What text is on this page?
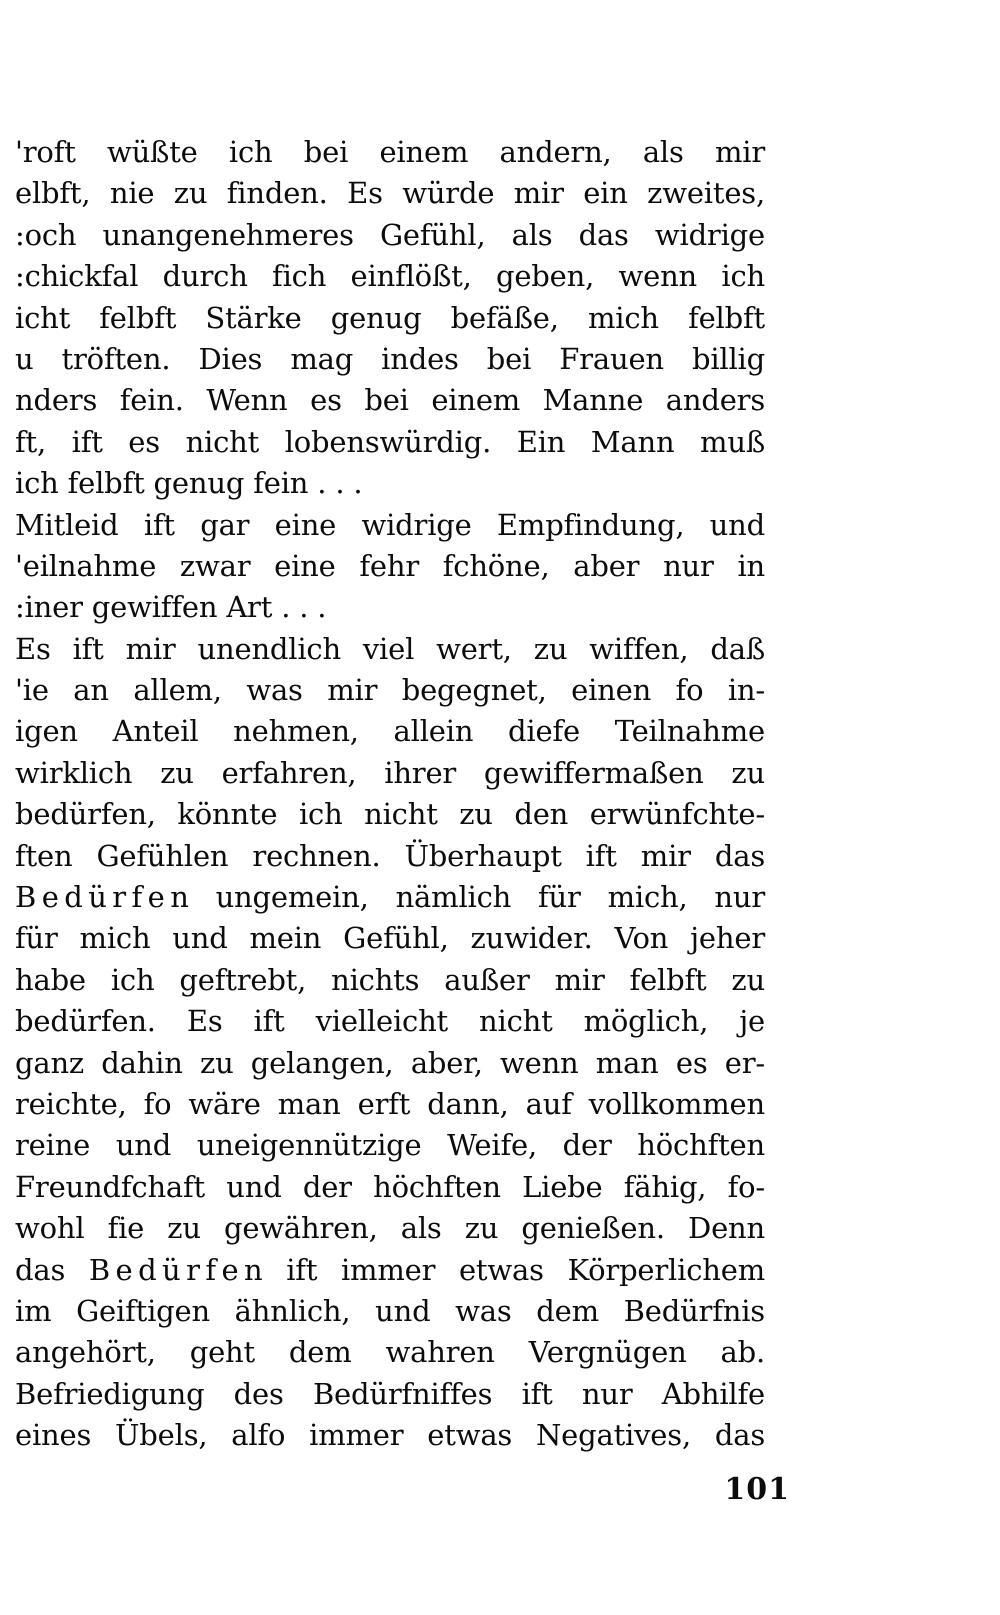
'roft wüßte ich bei einem andern, als mir
elbft, nie zu finden. Es würde mir ein zweites,
:och unangenehmeres Gefühl, als das widrige
:chickfal durch fich einflößt, geben, wenn ich
icht felbft Stärke genug befäße, mich felbft
u tröften. Dies mag indes bei Frauen billig
nders fein. Wenn es bei einem Manne anders
ft, ift es nicht lobenswürdig. Ein Mann muß
ich felbft genug fein . . .
Mitleid ift gar eine widrige Empfindung, und
'eilnahme zwar eine fehr fchöne, aber nur in
:iner gewiffen Art . . .
Es ift mir unendlich viel wert, zu wiffen, daß
'ie an allem, was mir begegnet, einen fo in-
igen Anteil nehmen, allein diefe Teilnahme
wirklich zu erfahren, ihrer gewiffermaßen zu
bedürfen, könnte ich nicht zu den erwünfchte-
ften Gefühlen rechnen. Überhaupt ift mir das
B e d ü r f e n ungemein, nämlich für mich, nur
für mich und mein Gefühl, zuwider. Von jeher
habe ich geftrebt, nichts außer mir felbft zu
bedürfen. Es ift vielleicht nicht möglich, je
ganz dahin zu gelangen, aber, wenn man es er-
reichte, fo wäre man erft dann, auf vollkommen
reine und uneigennützige Weife, der höchften
Freundfchaft und der höchften Liebe fähig, fo-
wohl fie zu gewähren, als zu genießen. Denn
das B e d ü r f e n ift immer etwas Körperlichem
im Geiftigen ähnlich, und was dem Bedürfnis
angehört, geht dem wahren Vergnügen ab.
Befriedigung des Bedürfniffes ift nur Abhilfe
eines Übels, alfo immer etwas Negatives, das
101
